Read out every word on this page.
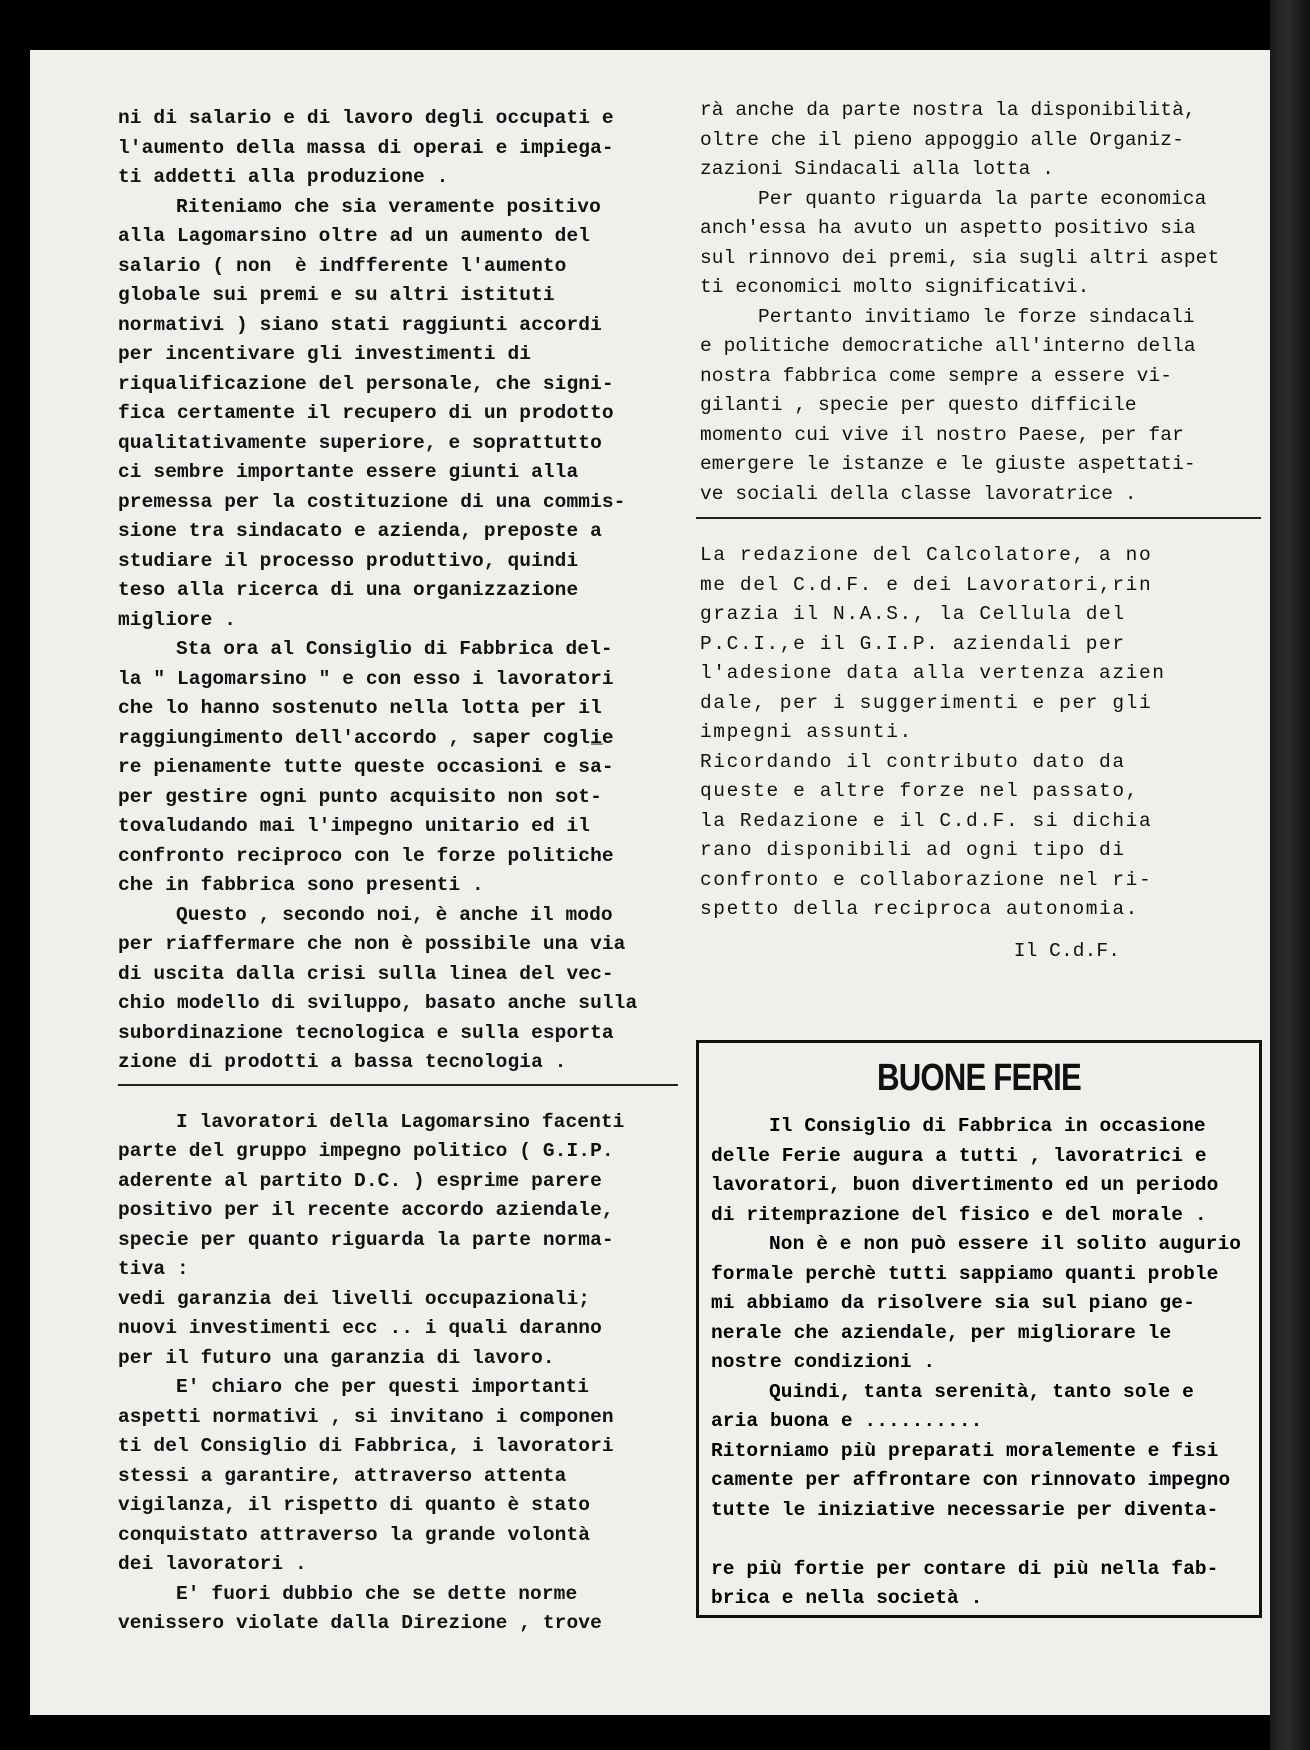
ni di salario e di lavoro degli occupati e

l'aumento della massa di operai e impiega-

ti addetti alla produzione .

Riteniamo che sia veramente positivo

alla Lagomarsino oltre ad un aumento del

salario ( non  è indfferente l'aumento

globale sui premi e su altri istituti

normativi ) siano stati raggiunti accordi

per incentivare gli investimenti di

riqualificazione del personale, che signi-

fica certamente il recupero di un prodotto

qualitativamente superiore, e soprattutto

ci sembre importante essere giunti alla

premessa per la costituzione di una commis-

sione tra sindacato e azienda, preposte a

studiare il processo produttivo, quindi

teso alla ricerca di una organizzazione

migliore .

Sta ora al Consiglio di Fabbrica del-

la " Lagomarsino " e con esso i lavoratori

che lo hanno sostenuto nella lotta per il

raggiungimento dell'accordo , saper cogli̲e

re pienamente tutte queste occasioni e sa-

per gestire ogni punto acquisito non sot-

tovaludando mai l'impegno unitario ed il

confronto reciproco con le forze politiche

che in fabbrica sono presenti .

Questo , secondo noi, è anche il modo

per riaffermare che non è possibile una via

di uscita dalla crisi sulla linea del vec-

chio modello di sviluppo, basato anche sulla

subordinazione tecnologica e sulla esporta

zione di prodotti a bassa tecnologia .

I lavoratori della Lagomarsino facenti

parte del gruppo impegno politico ( G.I.P.

aderente al partito D.C. ) esprime parere

positivo per il recente accordo aziendale,

specie per quanto riguarda la parte norma-

tiva :

vedi garanzia dei livelli occupazionali;

nuovi investimenti ecc .. i quali daranno

per il futuro una garanzia di lavoro.

E' chiaro che per questi importanti

aspetti normativi , si invitano i componen

ti del Consiglio di Fabbrica, i lavoratori

stessi a garantire, attraverso attenta

vigilanza, il rispetto di quanto è stato

conquistato attraverso la grande volontà

dei lavoratori .

E' fuori dubbio che se dette norme

venissero violate dalla Direzione , trove

rà anche da parte nostra la disponibilità,

oltre che il pieno appoggio alle Organiz-

zazioni Sindacali alla lotta .

Per quanto riguarda la parte economica

anch'essa ha avuto un aspetto positivo sia

sul rinnovo dei premi, sia sugli altri aspet

ti economici molto significativi.

Pertanto invitiamo le forze sindacali

e politiche democratiche all'interno della

nostra fabbrica come sempre a essere vi-

gilanti , specie per questo difficile

momento cui vive il nostro Paese, per far

emergere le istanze e le giuste aspettati-

ve sociali della classe lavoratrice .

La redazione del Calcolatore, a no

me del C.d.F. e dei Lavoratori,rin

grazia il N.A.S., la Cellula del

P.C.I.,e il G.I.P. aziendali per

l'adesione data alla vertenza azien

dale, per i suggerimenti e per gli

impegni assunti.

Ricordando il contributo dato da

queste e altre forze nel passato,

la Redazione e il C.d.F. si dichia

rano disponibili ad ogni tipo di

confronto e collaborazione nel ri-

spetto della reciproca autonomia.

Il C.d.F.

BUONE FERIE

Il Consiglio di Fabbrica in occasione

delle Ferie augura a tutti , lavoratrici e

lavoratori, buon divertimento ed un periodo

di ritemprazione del fisico e del morale .

Non è e non può essere il solito augurio

formale perchè tutti sappiamo quanti proble

mi abbiamo da risolvere sia sul piano ge-

nerale che aziendale, per migliorare le

nostre condizioni .

Quindi, tanta serenità, tanto sole e

aria buona e ..........

Ritorniamo più preparati moralemente e fisi

camente per affrontare con rinnovato impegno

tutte le iniziative necessarie per diventa-

re più fortie per contare di più nella fab-

brica e nella società .
